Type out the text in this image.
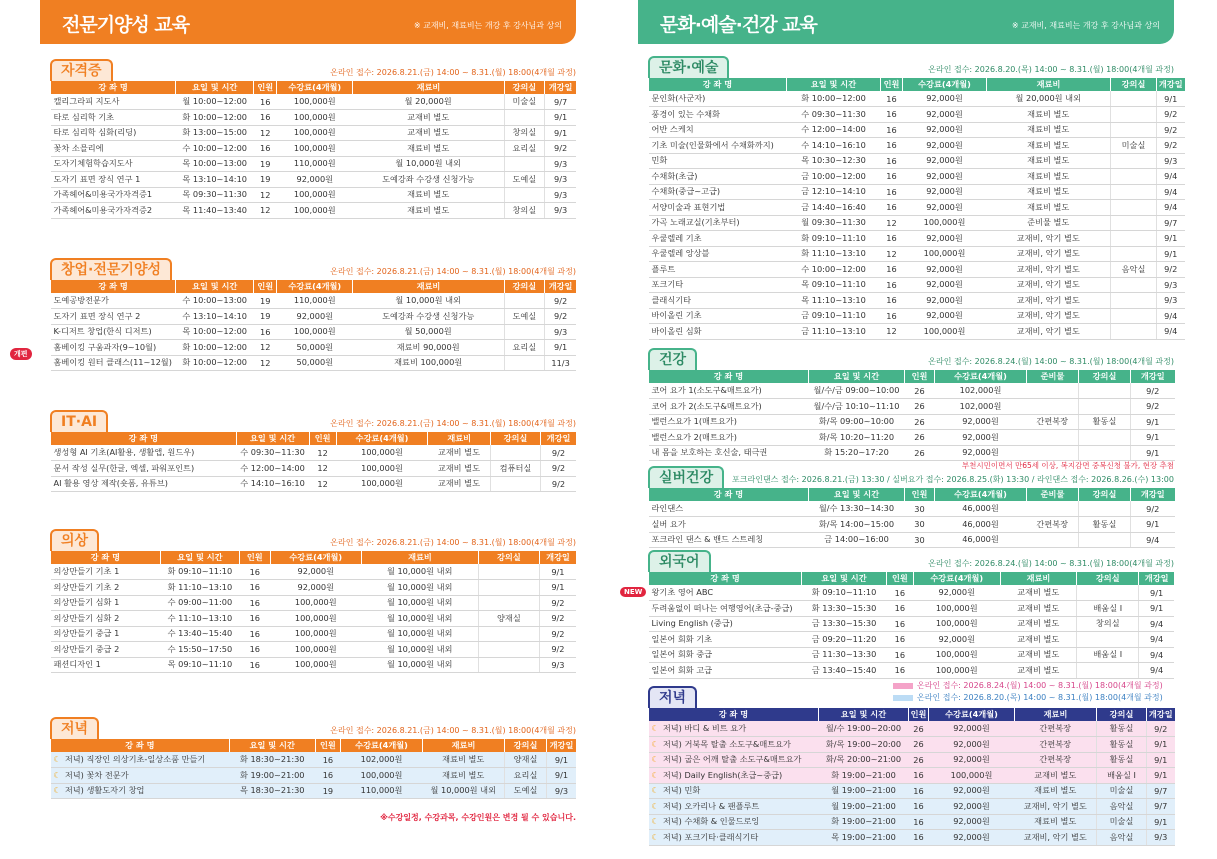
전문기양성 교육	※ 교재비, 재료비는 개강 후 강사님과 상의
자격증	온라인 접수: 2026.8.21.(금) 14:00 ~ 8.31.(월) 18:00(4개월 과정)
강 좌 명	요일 및 시간	인원	수강료(4개월)	재료비	강의실	개강일
캘리그라피 지도사	월 10:00~12:00	16	100,000원	월 20,000원	미술실	9/7
타로 심리학 기초	화 10:00~12:00	16	100,000원	교재비 별도		9/1
타로 심리학 심화(리딩)	화 13:00~15:00	12	100,000원	교재비 별도	창의실	9/1
꽃차 소믈리에	수 10:00~12:00	16	100,000원	재료비 별도	요리실	9/2
도자기체험학습지도사	목 10:00~13:00	19	110,000원	월 10,000원 내외		9/3
도자기 표면 장식 연구 1	목 13:10~14:10	19	92,000원	도예강좌 수강생 신청가능	도예실	9/3
가족헤어&미용국가자격증1	목 09:30~11:30	12	100,000원	재료비 별도		9/3
가족헤어&미용국가자격증2	목 11:40~13:40	12	100,000원	재료비 별도	창의실	9/3
창업·전문기양성	온라인 접수: 2026.8.21.(금) 14:00 ~ 8.31.(월) 18:00(4개월 과정)
강 좌 명	요일 및 시간	인원	수강료(4개월)	재료비	강의실	개강일
도예공방전문가	수 10:00~13:00	19	110,000원	월 10,000원 내외		9/2
도자기 표면 장식 연구 2	수 13:10~14:10	19	92,000원	도예강좌 수강생 신청가능	도예실	9/2
K-디저트 창업(한식 디저트)	목 10:00~12:00	16	100,000원	월 50,000원		9/3
홈베이킹 구움과자(9~10월)	화 10:00~12:00	12	50,000원	재료비 90,000원	요리실	9/1
홈베이킹 원터 클래스(11~12월)	화 10:00~12:00	12	50,000원	재료비 100,000원		11/3
IT·AI	온라인 접수: 2026.8.21.(금) 14:00 ~ 8.31.(월) 18:00(4개월 과정)
강 좌 명	요일 및 시간	인원	수강료(4개월)	재료비	강의실	개강일
생성형 AI 기초(AI활용, 생활앱, 원드우)	수 09:30~11:30	12	100,000원	교재비 별도		9/2
문서 작성 실무(한글, 엑셀, 파워포인트)	수 12:00~14:00	12	100,000원	교재비 별도	컴퓨터실	9/2
AI 활용 영상 제작(숏폼, 유튜브)	수 14:10~16:10	12	100,000원	교재비 별도		9/2
의상	온라인 접수: 2026.8.21.(금) 14:00 ~ 8.31.(월) 18:00(4개월 과정)
강 좌 명	요일 및 시간	인원	수강료(4개월)	재료비	강의실	개강일
의상만들기 기초 1	화 09:10~11:10	16	92,000원	월 10,000원 내외		9/1
의상만들기 기초 2	화 11:10~13:10	16	92,000원	월 10,000원 내외		9/1
의상만들기 심화 1	수 09:00~11:00	16	100,000원	월 10,000원 내외		9/2
의상만들기 심화 2	수 11:10~13:10	16	100,000원	월 10,000원 내외	양재실	9/2
의상만들기 중급 1	수 13:40~15:40	16	100,000원	월 10,000원 내외		9/2
의상만들기 중급 2	수 15:50~17:50	16	100,000원	월 10,000원 내외		9/2
패션디자인 1	목 09:10~11:10	16	100,000원	월 10,000원 내외		9/3
저녁	온라인 접수: 2026.8.21.(금) 14:00 ~ 8.31.(월) 18:00(4개월 과정)
강 좌 명	요일 및 시간	인원	수강료(4개월)	재료비	강의실	개강일
☾ 저녁) 직장인 의상기초-일상소품 만들기	화 18:30~21:30	16	102,000원	재료비 별도	양재실	9/1
☾ 저녁) 꽃차 전문가	화 19:00~21:00	16	100,000원	재료비 별도	요리실	9/1
☾ 저녁) 생활도자기 창업	목 18:30~21:30	19	110,000원	월 10,000원 내외	도예실	9/3
개편
※수강일정, 수강과목, 수강인원은 변경 될 수 있습니다.
문화·예술·건강 교육	※ 교재비, 재료비는 개강 후 강사님과 상의
문화·예술	온라인 접수: 2026.8.20.(목) 14:00 ~ 8.31.(월) 18:00(4개월 과정)
강 좌 명	요일 및 시간	인원	수강료(4개월)	재료비	강의실	개강일
문인화(사군자)	화 10:00~12:00	16	92,000원	월 20,000원 내외		9/1
풍경이 있는 수채화	수 09:30~11:30	16	92,000원	재료비 별도		9/2
어반 스케치	수 12:00~14:00	16	92,000원	재료비 별도		9/2
기초 미술(인물화에서 수채화까지)	수 14:10~16:10	16	92,000원	재료비 별도	미술실	9/2
민화	목 10:30~12:30	16	92,000원	재료비 별도		9/3
수채화(초급)	금 10:00~12:00	16	92,000원	재료비 별도		9/4
수채화(중급~고급)	금 12:10~14:10	16	92,000원	재료비 별도		9/4
서양미술과 표현기법	금 14:40~16:40	16	92,000원	재료비 별도		9/4
가곡 노래교실(기초부터)	월 09:30~11:30	12	100,000원	준비물 별도		9/7
우쿨렐레 기초	화 09:10~11:10	16	92,000원	교재비, 악기 별도		9/1
우쿨렐레 앙상블	화 11:10~13:10	12	100,000원	교재비, 악기 별도		9/1
플루트	수 10:00~12:00	16	92,000원	교재비, 악기 별도	음악실	9/2
포크기타	목 09:10~11:10	16	92,000원	교재비, 악기 별도		9/3
클래식기타	목 11:10~13:10	16	92,000원	교재비, 악기 별도		9/3
바이올린 기초	금 09:10~11:10	16	92,000원	교재비, 악기 별도		9/4
바이올린 심화	금 11:10~13:10	12	100,000원	교재비, 악기 별도		9/4
건강	온라인 접수: 2026.8.24.(월) 14:00 ~ 8.31.(월) 18:00(4개월 과정)
강 좌 명	요일 및 시간	인원	수강료(4개월)	준비물	강의실	개강일
코어 요가 1(소도구&매트요가)	월/수/금 09:00~10:00	26	102,000원			9/2
코어 요가 2(소도구&매트요가)	월/수/금 10:10~11:10	26	102,000원			9/2
밸런스요가 1(매트요가)	화/목 09:00~10:00	26	92,000원	간편복장	활동실	9/1
밸런스요가 2(매트요가)	화/목 10:20~11:20	26	92,000원			9/1
내 몸을 보호하는 호신술, 태극권	화 15:20~17:20	26	92,000원			9/1
부천시민이면서 만65세 이상, 복지감면 중복신청 불가, 현장 추첨
실버건강	포크라인댄스 접수: 2026.8.21.(금) 13:30 / 실버요가 접수: 2026.8.25.(화) 13:30 / 라인댄스 접수: 2026.8.26.(수) 13:00
강 좌 명	요일 및 시간	인원	수강료(4개월)	준비물	강의실	개강일
라인댄스	월/수 13:30~14:30	30	46,000원			9/2
실버 요가	화/목 14:00~15:00	30	46,000원	간편복장	활동실	9/1
포크라인 댄스 & 밴드 스트레칭	금 14:00~16:00	30	46,000원			9/4
외국어	온라인 접수: 2026.8.24.(월) 14:00 ~ 8.31.(월) 18:00(4개월 과정)
강 좌 명	요일 및 시간	인원	수강료(4개월)	재료비	강의실	개강일
왕기초 영어 ABC	화 09:10~11:10	16	92,000원	교재비 별도		9/1
두려움없이 떠나는 여행영어(초급-중급)	화 13:30~15:30	16	100,000원	교재비 별도	배움실 Ⅰ	9/1
Living English (중급)	금 13:30~15:30	16	100,000원	교재비 별도	창의실	9/4
일본어 회화 기초	금 09:20~11:20	16	92,000원	교재비 별도		9/4
일본어 회화 중급	금 11:30~13:30	16	100,000원	교재비 별도	배움실 Ⅰ	9/4
일본어 회화 고급	금 13:40~15:40	16	100,000원	교재비 별도		9/4
NEW
온라인 접수: 2026.8.24.(월) 14:00 ~ 8.31.(월) 18:00(4개월 과정)
온라인 접수: 2026.8.20.(목) 14:00 ~ 8.31.(월) 18:00(4개월 과정)
저녁
강 좌 명	요일 및 시간	인원	수강료(4개월)	재료비	강의실	개강일
☾ 저녁) 바디 & 비트 요가	월/수 19:00~20:00	26	92,000원	간편복장	활동실	9/2
☾ 저녁) 거북목 탈출 소도구&매트요가	화/목 19:00~20:00	26	92,000원	간편복장	활동실	9/1
☾ 저녁) 굽은 어깨 탈출 소도구&매트요가	화/목 20:00~21:00	26	92,000원	간편복장	활동실	9/1
☾ 저녁) Daily English(초급~중급)	화 19:00~21:00	16	100,000원	교재비 별도	배움실 Ⅰ	9/1
☾ 저녁) 민화	월 19:00~21:00	16	92,000원	재료비 별도	미술실	9/7
☾ 저녁) 오카리나 & 팬플루트	월 19:00~21:00	16	92,000원	교재비, 악기 별도	음악실	9/7
☾ 저녁) 수채화 & 인물드로잉	화 19:00~21:00	16	92,000원	재료비 별도	미술실	9/1
☾ 저녁) 포크기타·클래식기타	목 19:00~21:00	16	92,000원	교재비, 악기 별도	음악실	9/3
